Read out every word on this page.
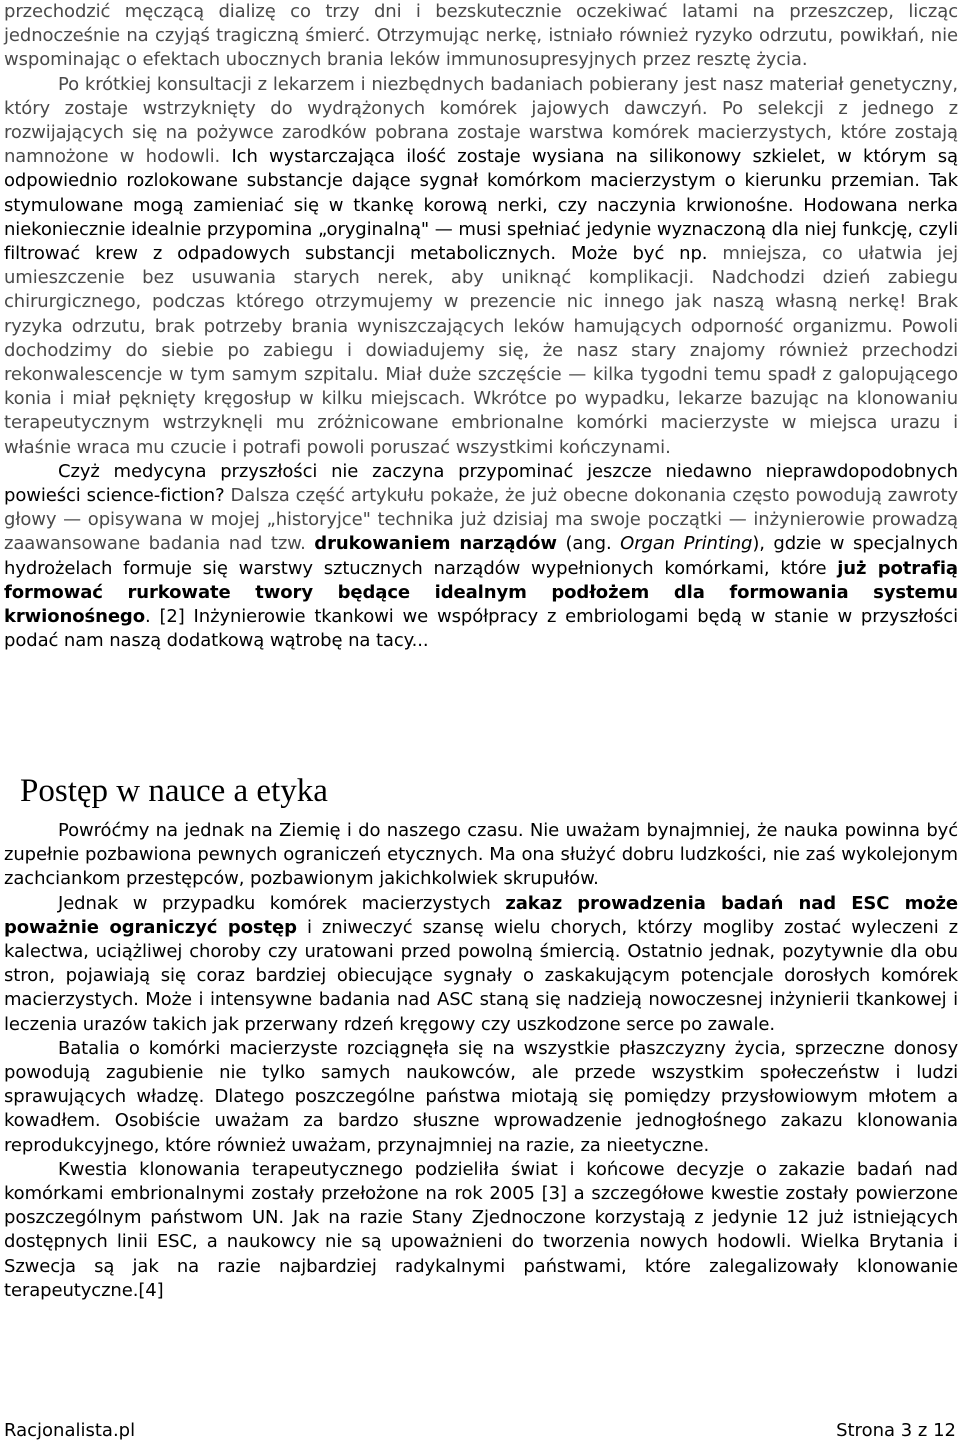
przechodzić męczącą dializę co trzy dni i bezskutecznie oczekiwać latami na przeszczep, licząc jednocześnie na czyjąś tragiczną śmierć. Otrzymując nerkę, istniało również ryzyko odrzutu, powikłań, nie wspominając o efektach ubocznych brania leków immunosupresyjnych przez resztę życia.

Po krótkiej konsultacji z lekarzem i niezbędnych badaniach pobierany jest nasz materiał genetyczny, który zostaje wstrzyknięty do wydrążonych komórek jajowych dawczyń. Po selekcji z jednego z rozwijających się na pożywce zarodków pobrana zostaje warstwa komórek macierzystych, które zostają namnożone w hodowli. Ich wystarczająca ilość zostaje wysiana na silikonowy szkielet, w którym są odpowiednio rozlokowane substancje dające sygnał komórkom macierzystym o kierunku przemian. Tak stymulowane mogą zamieniać się w tkankę korową nerki, czy naczynia krwionośne. Hodowana nerka niekoniecznie idealnie przypomina „oryginalną" — musi spełniać jedynie wyznaczoną dla niej funkcję, czyli filtrować krew z odpadowych substancji metabolicznych. Może być np. mniejsza, co ułatwia jej umieszczenie bez usuwania starych nerek, aby uniknąć komplikacji. Nadchodzi dzień zabiegu chirurgicznego, podczas którego otrzymujemy w prezencie nic innego jak naszą własną nerkę! Brak ryzyka odrzutu, brak potrzeby brania wyniszczających leków hamujących odporność organizmu. Powoli dochodzimy do siebie po zabiegu i dowiadujemy się, że nasz stary znajomy również przechodzi rekonwalescencje w tym samym szpitalu. Miał duże szczęście — kilka tygodni temu spadł z galopującego konia i miał pęknięty kręgosłup w kilku miejscach. Wkrótce po wypadku, lekarze bazując na klonowaniu terapeutycznym wstrzyknęli mu zróżnicowane embrionalne komórki macierzyste w miejsca urazu i właśnie wraca mu czucie i potrafi powoli poruszać wszystkimi kończynami.

Czyż medycyna przyszłości nie zaczyna przypominać jeszcze niedawno nieprawdopodobnych powieści science-fiction? Dalsza część artykułu pokaże, że już obecne dokonania często powodują zawroty głowy — opisywana w mojej „historyjce" technika już dzisiaj ma swoje początki — inżynierowie prowadzą zaawansowane badania nad tzw. drukowaniem narządów (ang. Organ Printing), gdzie w specjalnych hydrożelach formuje się warstwy sztucznych narządów wypełnionych komórkami, które już potrafią formować rurkowate twory będące idealnym podłożem dla formowania systemu krwionośnego. [2] Inżynierowie tkankowi we współpracy z embriologami będą w stanie w przyszłości podać nam naszą dodatkową wątrobę na tacy...

Postęp w nauce a etyka

Powróćmy na jednak na Ziemię i do naszego czasu. Nie uważam bynajmniej, że nauka powinna być zupełnie pozbawiona pewnych ograniczeń etycznych. Ma ona służyć dobru ludzkości, nie zaś wykolejonym zachciankom przestępców, pozbawionym jakichkolwiek skrupułów.

Jednak w przypadku komórek macierzystych zakaz prowadzenia badań nad ESC może poważnie ograniczyć postęp i zniweczyć szansę wielu chorych, którzy mogliby zostać wyleczeni z kalectwa, uciążliwej choroby czy uratowani przed powolną śmiercią. Ostatnio jednak, pozytywnie dla obu stron, pojawiają się coraz bardziej obiecujące sygnały o zaskakującym potencjale dorosłych komórek macierzystych. Może i intensywne badania nad ASC staną się nadzieją nowoczesnej inżynierii tkankowej i leczenia urazów takich jak przerwany rdzeń kręgowy czy uszkodzone serce po zawale.

Batalia o komórki macierzyste rozciągnęła się na wszystkie płaszczyzny życia, sprzeczne donosy powodują zagubienie nie tylko samych naukowców, ale przede wszystkim społeczeństw i ludzi sprawujących władzę. Dlatego poszczególne państwa miotają się pomiędzy przysłowiowym młotem a kowadłem. Osobiście uważam za bardzo słuszne wprowadzenie jednogłośnego zakazu klonowania reprodukcyjnego, które również uważam, przynajmniej na razie, za nieetyczne.

Kwestia klonowania terapeutycznego podzieliła świat i końcowe decyzje o zakazie badań nad komórkami embrionalnymi zostały przełożone na rok 2005 [3] a szczegółowe kwestie zostały powierzone poszczególnym państwom UN. Jak na razie Stany Zjednoczone korzystają z jedynie 12 już istniejących dostępnych linii ESC, a naukowcy nie są upoważnieni do tworzenia nowych hodowli. Wielka Brytania i Szwecja są jak na razie najbardziej radykalnymi państwami, które zalegalizowały klonowanie terapeutyczne.[4]

Racjonalista.pl	Strona 3 z 12
